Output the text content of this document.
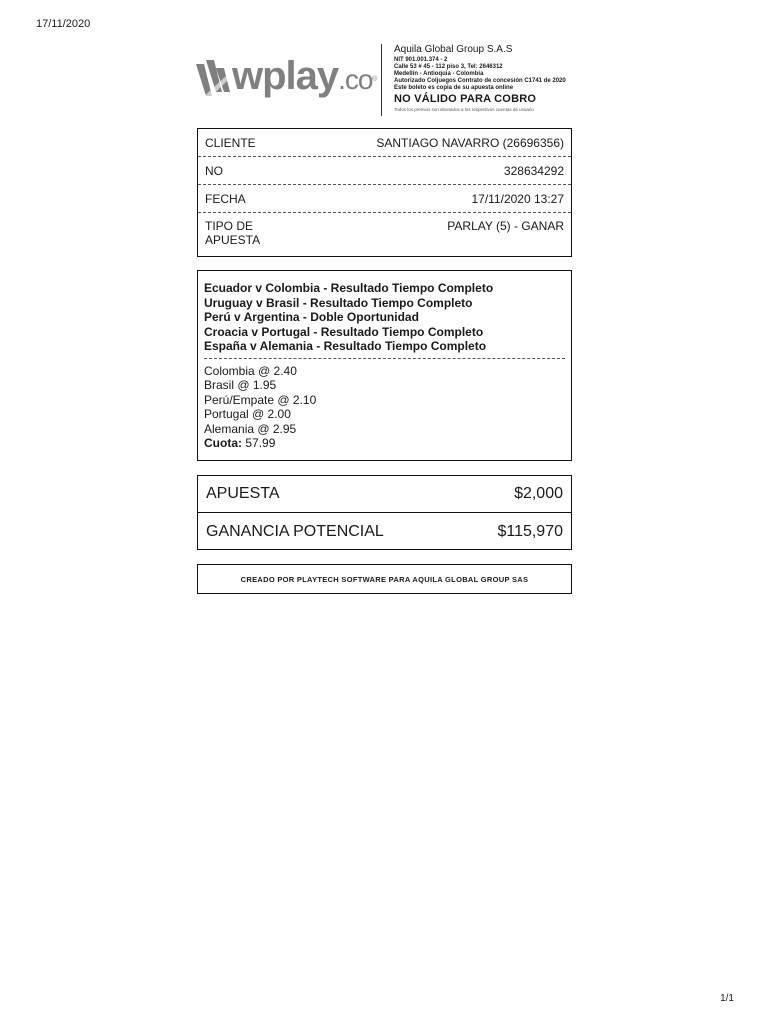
17/11/2020
wplay.co ®
Aquila Global Group S.A.S
NIT 901.001.374 - 2
Calle 53 # 45 - 112 piso 3, Tel: 2646312
Medellín - Antioquia - Colombia
Autorizado Coljuegos Contrato de concesión C1741 de 2020
Este boleto es copia de su apuesta online
NO VÁLIDO PARA COBRO
Todos los premios son abonados a los respectivos cuentas de usuario
CLIENTE	SANTIAGO NAVARRO (26696356)
NO	328634292
FECHA	17/11/2020 13:27
TIPO DE APUESTA
PARLAY (5) - GANAR
Ecuador v Colombia - Resultado Tiempo Completo
Uruguay v Brasil - Resultado Tiempo Completo
Perú v Argentina - Doble Oportunidad
Croacia v Portugal - Resultado Tiempo Completo
España v Alemania - Resultado Tiempo Completo
Colombia @ 2.40
Brasil @ 1.95
Perú/Empate @ 2.10
Portugal @ 2.00
Alemania @ 2.95
Cuota: 57.99
APUESTA	$2,000
GANANCIA POTENCIAL	$115,970
CREADO POR PLAYTECH SOFTWARE PARA AQUILA GLOBAL GROUP SAS
1/1
